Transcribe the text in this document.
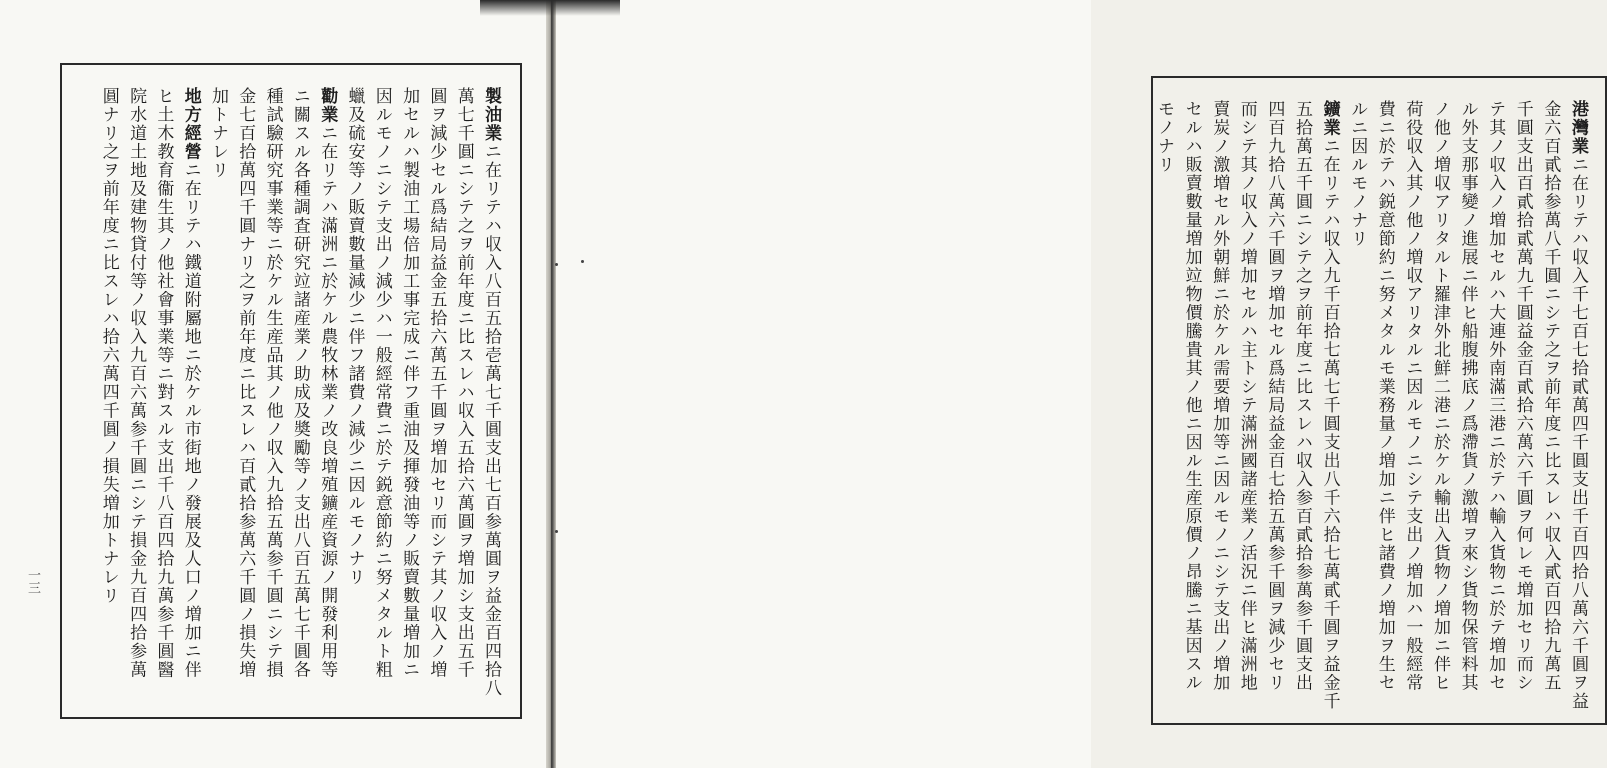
製油業ニ在リテハ収入八百五拾壱萬七千圓支出七百参萬圓ヲ益金百四拾八
萬七千圓ニシテ之ヲ前年度ニ比スレハ収入五拾六萬圓ヲ増加シ支出五千
圓ヲ減少セル爲結局益金五拾六萬五千圓ヲ増加セリ而シテ其ノ収入ノ増
加セルハ製油工場倍加工事完成ニ伴フ重油及揮發油等ノ販賣數量増加ニ
因ルモノニシテ支出ノ減少ハ一般經常費ニ於テ鋭意節約ニ努メタルト粗
蠟及硫安等ノ販賣數量減少ニ伴フ諸費ノ減少ニ因ルモノナリ
勸業ニ在リテハ滿洲ニ於ケル農牧林業ノ改良増殖鑛産資源ノ開發利用等
ニ關スル各種調査研究竝諸産業ノ助成及奬勵等ノ支出八百五萬七千圓各
種試驗研究事業等ニ於ケル生産品其ノ他ノ収入九拾五萬参千圓ニシテ損
金七百拾萬四千圓ナリ之ヲ前年度ニ比スレハ百貳拾参萬六千圓ノ損失増
加トナレリ
地方經營ニ在リテハ鐵道附屬地ニ於ケル市街地ノ發展及人口ノ増加ニ伴
ヒ土木教育衞生其ノ他社會事業等ニ對スル支出千八百四拾九萬参千圓醫
院水道土地及建物貸付等ノ収入九百六萬参千圓ニシテ損金九百四拾参萬
圓ナリ之ヲ前年度ニ比スレハ拾六萬四千圓ノ損失増加トナレリ
一三
港灣業ニ在リテハ収入千七百七拾貳萬四千圓支出千百四拾八萬六千圓ヲ益
金六百貳拾参萬八千圓ニシテ之ヲ前年度ニ比スレハ収入貳百四拾九萬五
千圓支出百貳拾貳萬九千圓益金百貳拾六萬六千圓ヲ何レモ増加セリ而シ
テ其ノ収入ノ増加セルハ大連外南滿三港ニ於テハ輸入貨物ニ於テ増加セ
ル外支那事變ノ進展ニ伴ヒ船腹拂底ノ爲滯貨ノ激増ヲ來シ貨物保管料其
ノ他ノ増収アリタルト羅津外北鮮二港ニ於ケル輸出入貨物ノ増加ニ伴ヒ
荷役収入其ノ他ノ増収アリタルニ因ルモノニシテ支出ノ増加ハ一般經常
費ニ於テハ鋭意節約ニ努メタルモ業務量ノ増加ニ伴ヒ諸費ノ増加ヲ生セ
ルニ因ルモノナリ
鑛業ニ在リテハ収入九千百拾七萬七千圓支出八千六拾七萬貳千圓ヲ益金千
五拾萬五千圓ニシテ之ヲ前年度ニ比スレハ収入参百貳拾参萬参千圓支出
四百九拾八萬六千圓ヲ増加セル爲結局益金百七拾五萬参千圓ヲ減少セリ
而シテ其ノ収入ノ増加セルハ主トシテ滿洲國諸産業ノ活況ニ伴ヒ滿洲地
賣炭ノ激増セル外朝鮮ニ於ケル需要増加等ニ因ルモノニシテ支出ノ増加
セルハ販賣數量増加竝物價騰貴其ノ他ニ因ル生産原價ノ昂騰ニ基因スル
モノナリ
